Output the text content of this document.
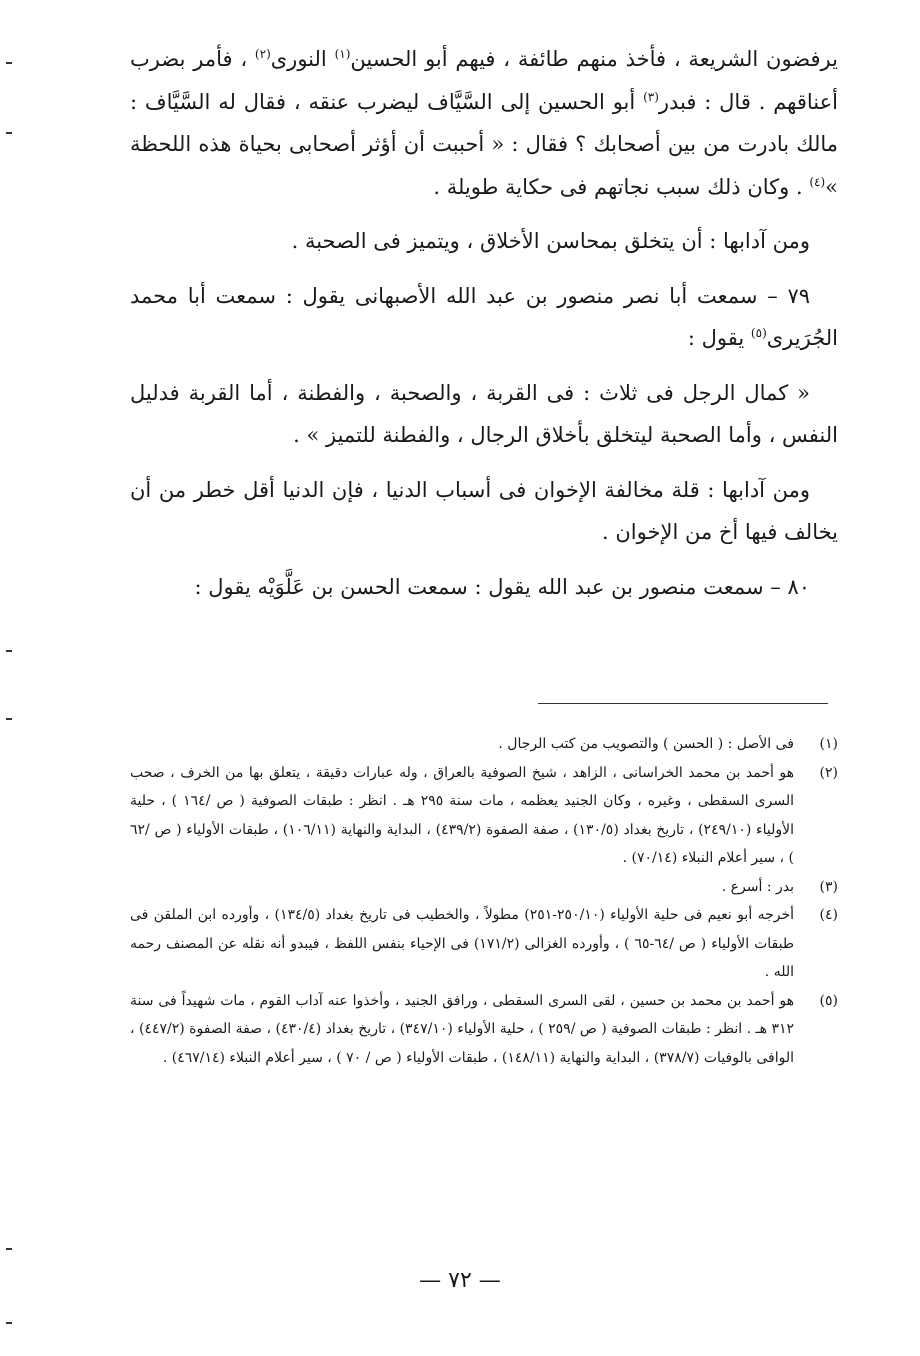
يرفضون الشريعة ، فأخذ منهم طائفة ، فيهم أبو الحسين$^{(١)}$ النورى$^{(٢)}$ ، فأمر بضرب أعناقهم . قال : فبدر$^{(٣)}$ أبو الحسين إلى السَّيَّاف ليضرب عنقه ، فقال له السَّيَّاف : مالك بادرت من بين أصحابك ؟ فقال : « أحببت أن أؤثر أصحابى بحياة هذه اللحظة »$^{(٤)}$ . وكان ذلك سبب نجاتهم فى حكاية طويلة .

ومن آدابها : أن يتخلق بمحاسن الأخلاق ، ويتميز فى الصحبة .

٧٩ – سمعت أبا نصر منصور بن عبد الله الأصبهانى يقول : سمعت أبا محمد الجُرَيرى$^{(٥)}$ يقول :

« كمال الرجل فى ثلاث : فى القربة ، والصحبة ، والفطنة ، أما القربة فدليل النفس ، وأما الصحبة ليتخلق بأخلاق الرجال ، والفطنة للتميز » .

ومن آدابها : قلة مخالفة الإخوان فى أسباب الدنيا ، فإن الدنيا أقل خطر من أن يخالف فيها أخ من الإخوان .

٨٠ – سمعت منصور بن عبد الله يقول : سمعت الحسن بن عَلَّوَيْه يقول :

(١)
فى الأصل : ( الحسن ) والتصويب من كتب الرجال .
(٢)
هو أحمد بن محمد الخراسانى ، الزاهد ، شيخ الصوفية بالعراق ، وله عبارات دقيقة ، يتعلق بها من الخرف ، صحب السرى السقطى ، وغيره ، وكان الجنيد يعظمه ، مات سنة ٢٩٥ هـ . انظر : طبقات الصوفية ( ص /١٦٤ ) ، حلية الأولياء (٢٤٩/١٠) ، تاريخ بغداد (١٣٠/٥) ، صفة الصفوة (٤٣٩/٢) ، البداية والنهاية (١٠٦/١١) ، طبقات الأولياء ( ص /٦٢ ) ، سير أعلام النبلاء (٧٠/١٤) .
(٣)
بدر : أسرع .
(٤)
أخرجه أبو نعيم فى حلية الأولياء (٢٥٠/١٠-٢٥١) مطولاً ، والخطيب فى تاريخ بغداد (١٣٤/٥) ، وأورده ابن الملقن فى طبقات الأولياء ( ص /٦٤-٦٥ ) ، وأورده الغزالى (١٧١/٢) فى الإحياء بنفس اللفظ ، فيبدو أنه نقله عن المصنف رحمه الله .
(٥)
هو أحمد بن محمد بن حسين ، لقى السرى السقطى ، ورافق الجنيد ، وأخذوا عنه آداب القوم ، مات شهيداً فى سنة ٣١٢ هـ . انظر : طبقات الصوفية ( ص /٢٥٩ ) ، حلية الأولياء (٣٤٧/١٠) ، تاريخ بغداد (٤٣٠/٤) ، صفة الصفوة (٤٤٧/٢) ، الوافى بالوفيات (٣٧٨/٧) ، البداية والنهاية (١٤٨/١١) ، طبقات الأولياء ( ص / ٧٠ ) ، سير أعلام النبلاء (٤٦٧/١٤) .
— ٧٢ —
